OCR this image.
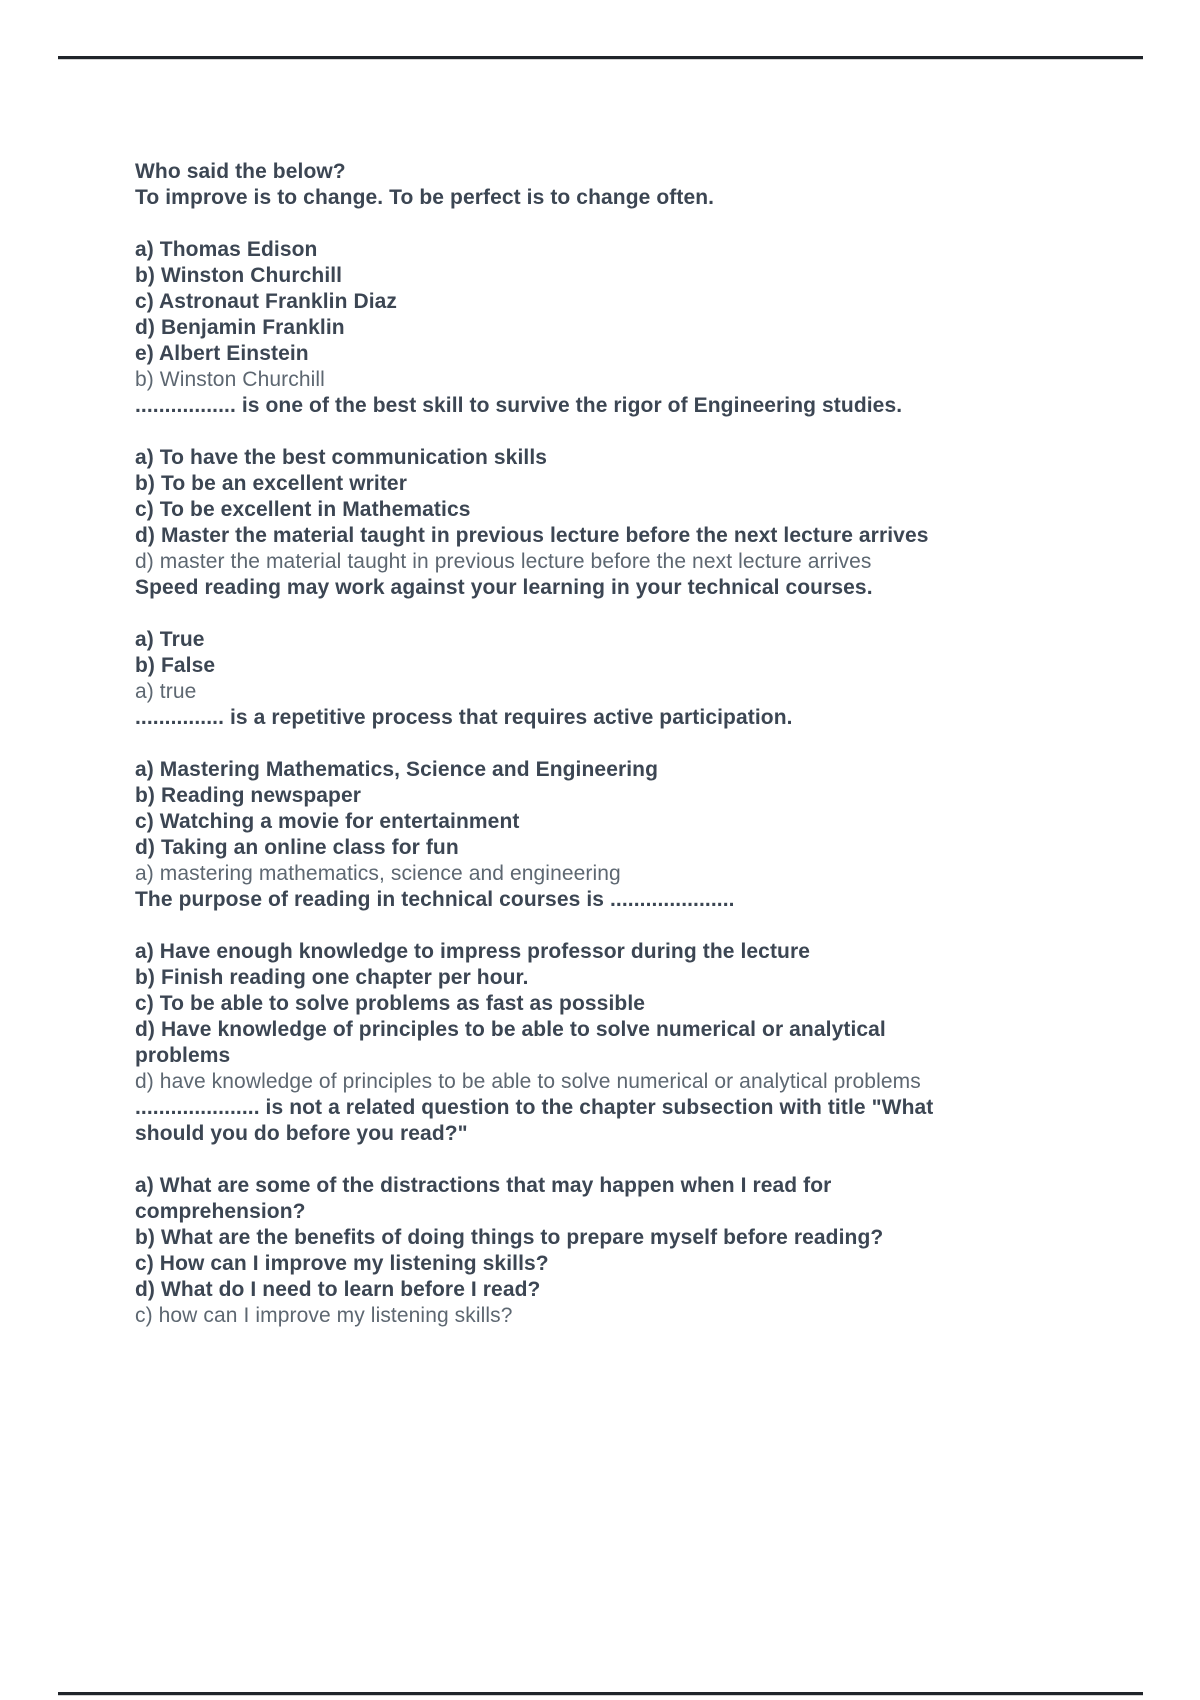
Who said the below?
To improve is to change. To be perfect is to change often.
a) Thomas Edison
b) Winston Churchill
c) Astronaut Franklin Diaz
d) Benjamin Franklin
e) Albert Einstein
b) Winston Churchill
................. is one of the best skill to survive the rigor of Engineering studies.
a) To have the best communication skills
b) To be an excellent writer
c) To be excellent in Mathematics
d) Master the material taught in previous lecture before the next lecture arrives
d) master the material taught in previous lecture before the next lecture arrives
Speed reading may work against your learning in your technical courses.
a) True
b) False
a) true
............... is a repetitive process that requires active participation.
a) Mastering Mathematics, Science and Engineering
b) Reading newspaper
c) Watching a movie for entertainment
d) Taking an online class for fun
a) mastering mathematics, science and engineering
The purpose of reading in technical courses is .....................
a) Have enough knowledge to impress professor during the lecture
b) Finish reading one chapter per hour.
c) To be able to solve problems as fast as possible
d) Have knowledge of principles to be able to solve numerical or analytical
problems
d) have knowledge of principles to be able to solve numerical or analytical problems
..................... is not a related question to the chapter subsection with title "What
should you do before you read?"
a) What are some of the distractions that may happen when I read for
comprehension?
b) What are the benefits of doing things to prepare myself before reading?
c) How can I improve my listening skills?
d) What do I need to learn before I read?
c) how can I improve my listening skills?
